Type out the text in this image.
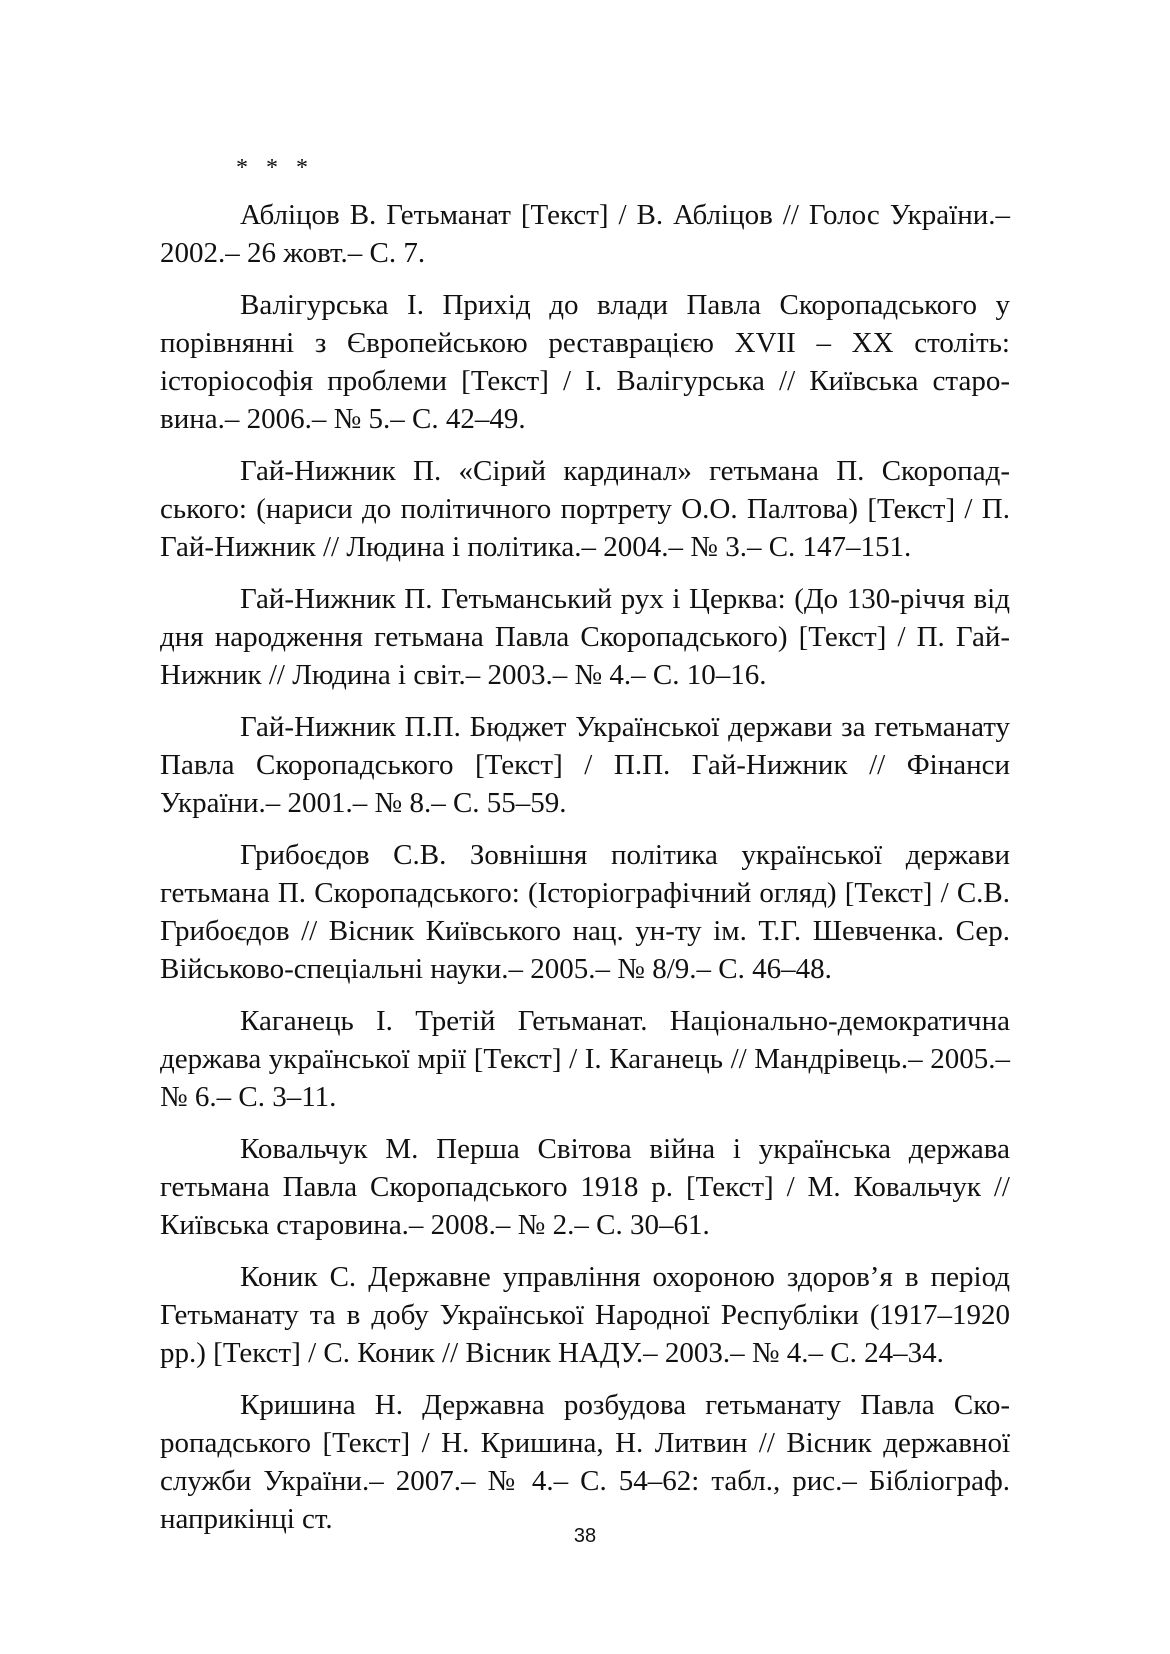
* * *

Абліцов В. Гетьманат [Текст] / В. Абліцов // Голос України.– 2002.– 26 жовт.– С. 7.

Валігурська І. Прихід до влади Павла Скоропадського у порівнянні з Європейською реставрацією XVII – XX століть: історіософія проблеми [Текст] / І. Валігурська // Київська старовина.– 2006.– № 5.– С. 42–49.

Гай-Нижник П. «Сірий кардинал» гетьмана П. Скоропадського: (нариси до політичного портрету О.О. Палтова) [Текст] / П. Гай-Нижник // Людина і політика.– 2004.– № 3.– С. 147–151.

Гай-Нижник П. Гетьманський рух і Церква: (До 130-річчя від дня народження гетьмана Павла Скоропадського) [Текст] / П. Гай-Нижник // Людина і світ.– 2003.– № 4.– С. 10–16.

Гай-Нижник П.П. Бюджет Української держави за гетьманату Павла Скоропадського [Текст] / П.П. Гай-Нижник // Фінанси України.– 2001.– № 8.– С. 55–59.

Грибоєдов С.В. Зовнішня політика української держави гетьмана П. Скоропадського: (Історіографічний огляд) [Текст] / С.В. Грибоєдов // Вісник Київського нац. ун-ту ім. Т.Г. Шевченка. Сер. Військово-спеціальні науки.– 2005.– № 8/9.– С. 46–48.

Каганець І. Третій Гетьманат. Національно-демократична держава української мрії [Текст] / І. Каганець // Мандрівець.– 2005.– № 6.– С. 3–11.

Ковальчук М. Перша Світова війна і українська держава гетьмана Павла Скоропадського 1918 р. [Текст] / М. Ковальчук // Київська старовина.– 2008.– № 2.– С. 30–61.

Коник С. Державне управління охороною здоров’я в період Гетьманату та в добу Української Народної Республіки (1917–1920 рр.) [Текст] / С. Коник // Вісник НАДУ.– 2003.– № 4.– С. 24–34.

Кришина Н. Державна розбудова гетьманату Павла Скоропадського [Текст] / Н. Кришина, Н. Литвин // Вісник державної служби України.– 2007.– № 4.– С. 54–62: табл., рис.– Бібліограф. наприкінці ст.

38
